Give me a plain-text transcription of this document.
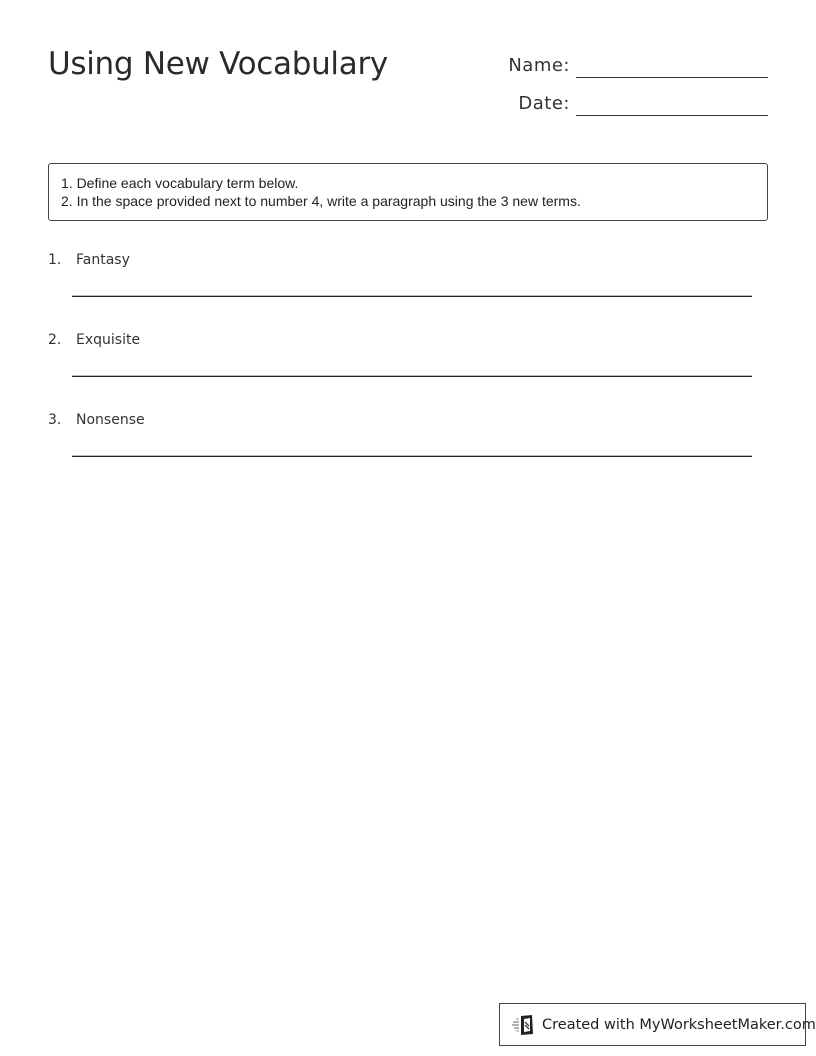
Using New Vocabulary	Name:
Date:
1. Define each vocabulary term below.
2. In the space provided next to number 4, write a paragraph using the 3 new terms.
1. Fantasy
2. Exquisite
3. Nonsense
Created with MyWorksheetMaker.com
